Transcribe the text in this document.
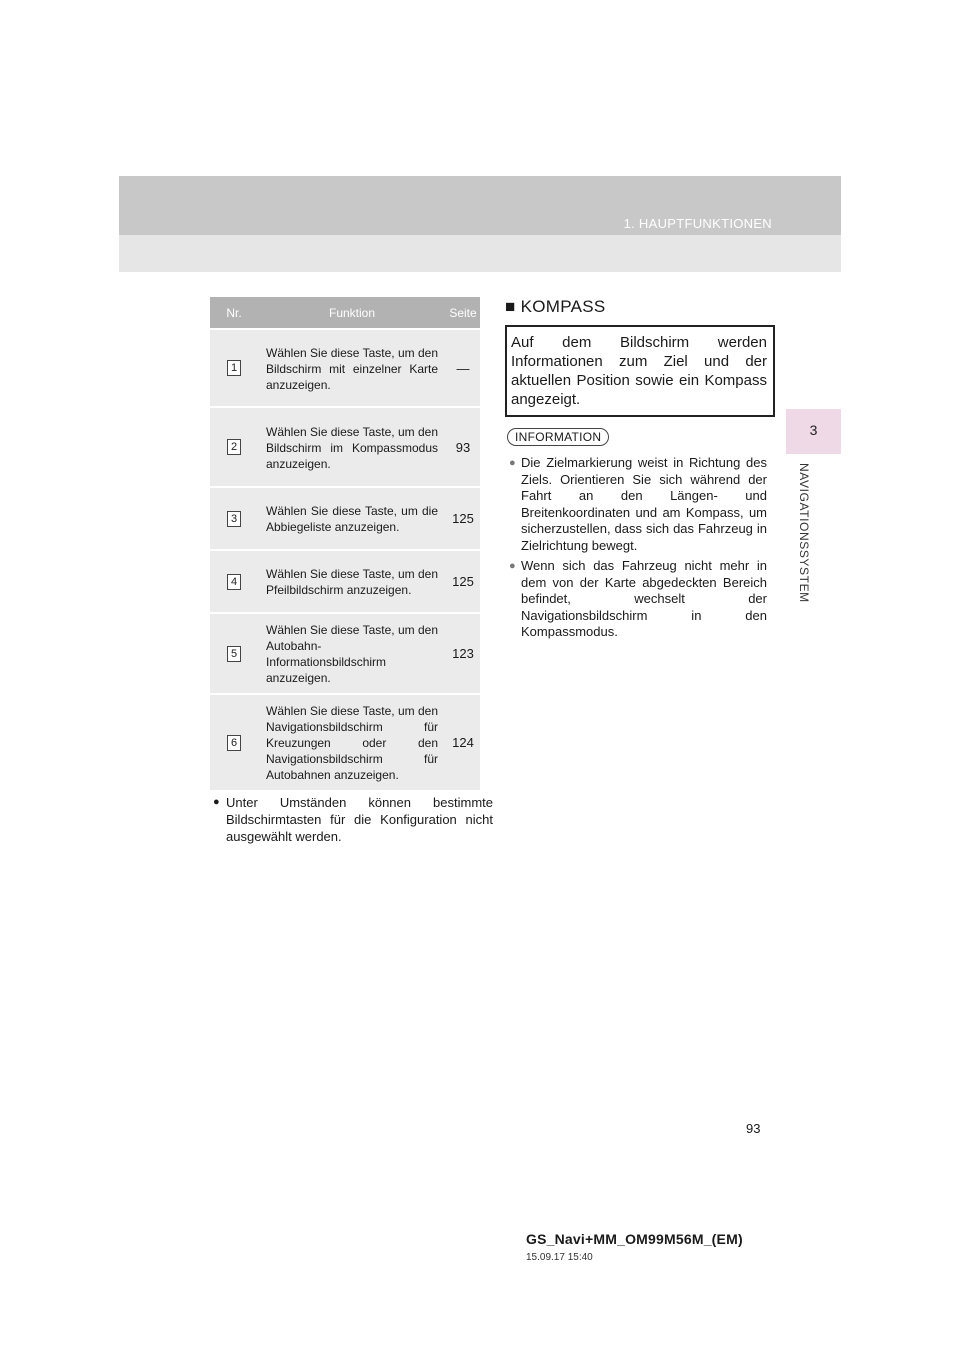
1. HAUPTFUNKTIONEN
3
NAVIGATIONSSYSTEM
Nr.	Funktion	Seite
1	Wählen Sie diese Taste, um den Bildschirm mit einzelner Karte anzuzeigen.	—
2	Wählen Sie diese Taste, um den Bildschirm im Kompassmodus anzuzeigen.	93
3	Wählen Sie diese Taste, um die Abbiegeliste anzuzeigen.	125
4	Wählen Sie diese Taste, um den Pfeilbildschirm anzuzeigen.	125
5	Wählen Sie diese Taste, um den Autobahn-Informationsbildschirm anzuzeigen.	123
6	Wählen Sie diese Taste, um den Navigationsbildschirm für Kreuzungen oder den Navigationsbildschirm für Autobahnen anzuzeigen.	124
● Unter Umständen können bestimmte Bildschirmtasten für die Konfiguration nicht ausgewählt werden.
■ KOMPASS
Auf dem Bildschirm werden Informationen zum Ziel und der aktuellen Position sowie ein Kompass angezeigt.
INFORMATION
● Die Zielmarkierung weist in Richtung des Ziels. Orientieren Sie sich während der Fahrt an den Längen- und Breitenkoordinaten und am Kompass, um sicherzustellen, dass sich das Fahrzeug in Zielrichtung bewegt.
● Wenn sich das Fahrzeug nicht mehr in dem von der Karte abgedeckten Bereich befindet, wechselt der Navigationsbildschirm in den Kompassmodus.
93
GS_Navi+MM_OM99M56M_(EM)
15.09.17 15:40
